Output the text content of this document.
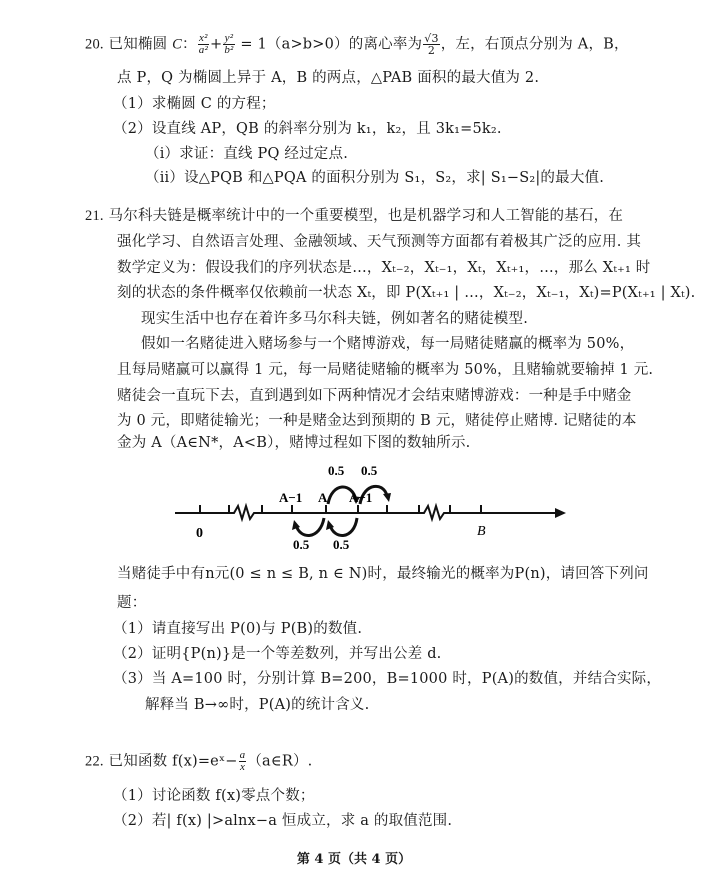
20. 已知椭圆 C： $\frac{\text{x²}}{\text{a²}} + \frac{\text{y²}}{\text{b²}} = 1(a>b>0)$的离心率为 $\frac{√3}{2}$ ，左，右顶点分别为 A，B，
点 P，Q 为椭圆上异于 A，B 的两点，△PAB 面积的最大值为 2.
（1）求椭圆 C 的方程；
（2）设直线 AP，QB 的斜率分别为 k₁，k₂，且 3k₁=5k₂.
（i）求证：直线 PQ 经过定点.
（ii）设△PQB 和△PQA 的面积分别为 S₁，S₂，求| S₁−S₂|的最大值.
21. 马尔科夫链是概率统计中的一个重要模型，也是机器学习和人工智能的基石，在
强化学习、自然语言处理、金融领域、天气预测等方面都有着极其广泛的应用. 其
数学定义为：假设我们的序列状态是…，Xₜ₋₂，Xₜ₋₁，Xₜ，Xₜ₊₁，…，那么 Xₜ₊₁ 时
刻的状态的条件概率仅依赖前一状态 Xₜ，即 P(Xₜ₊₁ | …，Xₜ₋₂，Xₜ₋₁，Xₜ)=P(Xₜ₊₁ | Xₜ).
现实生活中也存在着许多马尔科夫链，例如著名的赌徒模型.
假如一名赌徒进入赌场参与一个赌博游戏，每一局赌徒赌赢的概率为 50%，
且每局赌赢可以赢得 1 元，每一局赌徒赌输的概率为 50%，且赌输就要输掉 1 元.
赌徒会一直玩下去，直到遇到如下两种情况才会结束赌博游戏：一种是手中赌金
为 0 元，即赌徒输光；一种是赌金达到预期的 B 元，赌徒停止赌博. 记赌徒的本
金为 A（A∈N*，A<B），赌博过程如下图的数轴所示.
0
A−1 A A+1
B
0.5 0.5
0.5 0.5
当赌徒手中有n元(0 ≤ n ≤ B, n ∈ N)时，最终输光的概率为P(n)，请回答下列问
题：
（1）请直接写出 P(0)与 P(B)的数值.
（2）证明{P(n)}是一个等差数列，并写出公差 d.
（3）当 A=100 时，分别计算 B=200，B=1000 时，P(A)的数值，并结合实际，
解释当 B→∞时，P(A)的统计含义.
22. 已知函数 f(x)=eˣ− $\frac{a}{x}$ （a∈R）.
（1）讨论函数 f(x)零点个数；
（2）若| f(x) |>alnx−a 恒成立，求 a 的取值范围.
第 4 页（共 4 页）
